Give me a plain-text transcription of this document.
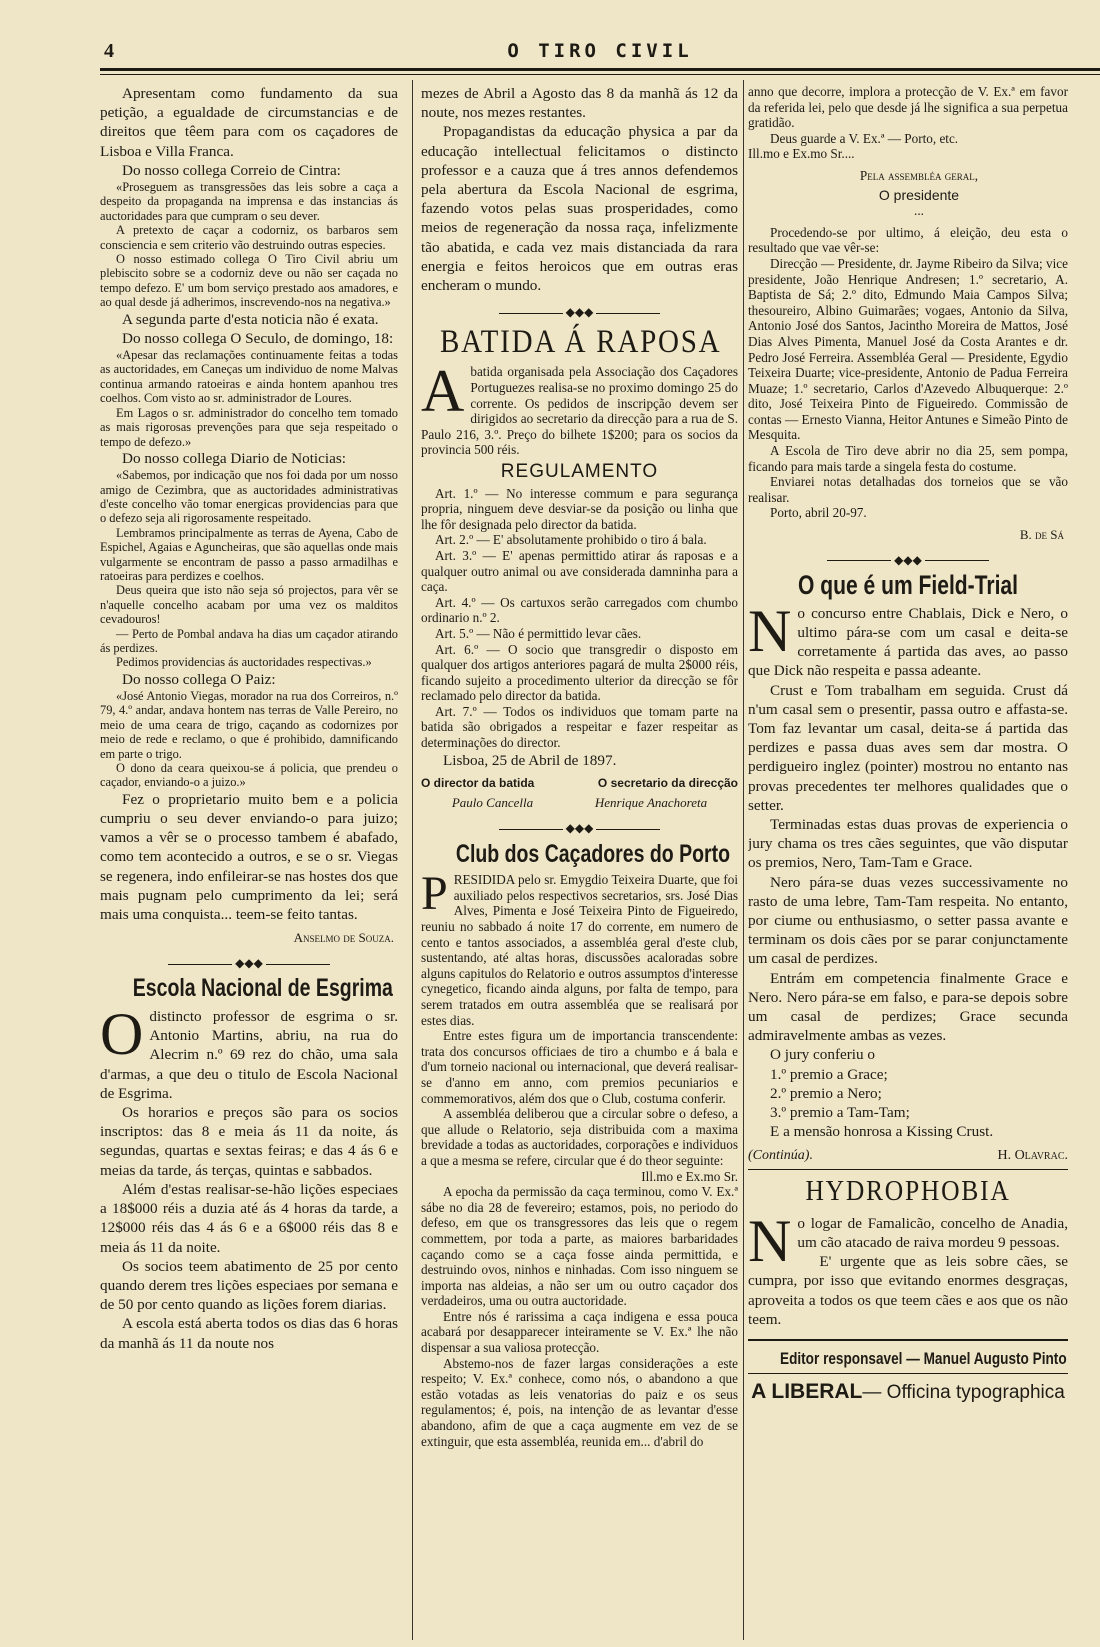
4	O TIRO CIVIL

Apresentam como fundamento da sua petição, a egualdade de circumstancias e de direitos que têem para com os caçadores de Lisboa e Villa Franca.

Do nosso collega Correio de Cintra:

«Proseguem as transgressões das leis sobre a caça a despeito da propaganda na imprensa e das instancias ás auctoridades para que cumpram o seu dever.

A pretexto de caçar a codorniz, os barbaros sem consciencia e sem criterio vão destruindo outras especies.

O nosso estimado collega O Tiro Civil abriu um plebiscito sobre se a codorniz deve ou não ser caçada no tempo defezo. E' um bom serviço prestado aos amadores, e ao qual desde já adherimos, inscrevendo-nos na negativa.»

A segunda parte d'esta noticia não é exata.

Do nosso collega O Seculo, de domingo, 18:

«Apesar das reclamações continuamente feitas a todas as auctoridades, em Caneças um individuo de nome Malvas continua armando ratoeiras e ainda hontem apanhou tres coelhos. Com visto ao sr. administrador de Loures.

Em Lagos o sr. administrador do concelho tem tomado as mais rigorosas prevenções para que seja respeitado o tempo de defezo.»

Do nosso collega Diario de Noticias:

«Sabemos, por indicação que nos foi dada por um nosso amigo de Cezimbra, que as auctoridades administrativas d'este concelho vão tomar energicas providencias para que o defezo seja ali rigorosamente respeitado.

Lembramos principalmente as terras de Ayena, Cabo de Espichel, Agaias e Aguncheiras, que são aquellas onde mais vulgarmente se encontram de passo a passo armadilhas e ratoeiras para perdizes e coelhos.

Deus queira que isto não seja só projectos, para vêr se n'aquelle concelho acabam por uma vez os malditos cevadouros!

— Perto de Pombal andava ha dias um caçador atirando ás perdizes.

Pedimos providencias ás auctoridades respectivas.»

Do nosso collega O Paiz:

«José Antonio Viegas, morador na rua dos Correiros, n.º 79, 4.º andar, andava hontem nas terras de Valle Pereiro, no meio de uma ceara de trigo, caçando as codornizes por meio de rede e reclamo, o que é prohibido, damnificando em parte o trigo.

O dono da ceara queixou-se á policia, que prendeu o caçador, enviando-o a juizo.»

Fez o proprietario muito bem e a policia cumpriu o seu dever enviando-o para juizo; vamos a vêr se o processo tambem é abafado, como tem acontecido a outros, e se o sr. Viegas se regenera, indo enfileirar-se nas hostes dos que mais pugnam pelo cumprimento da lei; será mais uma conquista... teem-se feito tantas.

Anselmo de Souza.
◆◆◆
Escola Nacional de Esgrima

Odistincto professor de esgrima o sr. Antonio Martins, abriu, na rua do Alecrim n.º 69 rez do chão, uma sala d'armas, a que deu o titulo de Escola Nacional de Esgrima.

Os horarios e preços são para os socios inscriptos: das 8 e meia ás 11 da noite, ás segundas, quartas e sextas feiras; e das 4 ás 6 e meias da tarde, ás terças, quintas e sabbados.

Além d'estas realisar-se-hão lições especiaes a 18$000 réis a duzia até ás 4 horas da tarde, a 12$000 réis das 4 ás 6 e a 6$000 réis das 8 e meia ás 11 da noite.

Os socios teem abatimento de 25 por cento quando derem tres lições especiaes por semana e de 50 por cento quando as lições forem diarias.

A escola está aberta todos os dias das 6 horas da manhã ás 11 da noute nos

mezes de Abril a Agosto das 8 da manhã ás 12 da noute, nos mezes restantes.

Propagandistas da educação physica a par da educação intellectual felicitamos o distincto professor e a cauza que á tres annos defendemos pela abertura da Escola Nacional de esgrima, fazendo votos pelas suas prosperidades, como meios de regeneração da nossa raça, infelizmente tão abatida, e cada vez mais distanciada da rara energia e feitos heroicos que em outras eras encheram o mundo.

◆◆◆
BATIDA Á RAPOSA

Abatida organisada pela Associação dos Caçadores Portuguezes realisa-se no proximo domingo 25 do corrente. Os pedidos de inscripção devem ser dirigidos ao secretario da direcção para a rua de S. Paulo 216, 3.º. Preço do bilhete 1$200; para os socios da provincia 500 réis.

REGULAMENTO

Art. 1.º — No interesse commum e para segurança propria, ninguem deve desviar-se da posição ou linha que lhe fôr designada pelo director da batida.

Art. 2.º — E' absolutamente prohibido o tiro á bala.

Art. 3.º — E' apenas permittido atirar ás raposas e a qualquer outro animal ou ave considerada damninha para a caça.

Art. 4.º — Os cartuxos serão carregados com chumbo ordinario n.º 2.

Art. 5.º — Não é permittido levar cães.

Art. 6.º — O socio que transgredir o disposto em qualquer dos artigos anteriores pagará de multa 2$000 réis, ficando sujeito a procedimento ulterior da direcção se fôr reclamado pelo director da batida.

Art. 7.º — Todos os individuos que tomam parte na batida são obrigados a respeitar e fazer respeitar as determinações do director.

Lisboa, 25 de Abril de 1897.

O director da batida	O secretario da direcção
Paulo Cancella	Henrique Anachoreta
◆◆◆
Club dos Caçadores do Porto

PRESIDIDA pelo sr. Emygdio Teixeira Duarte, que foi auxiliado pelos respectivos secretarios, srs. José Dias Alves, Pimenta e José Teixeira Pinto de Figueiredo, reuniu no sabbado á noite 17 do corrente, em numero de cento e tantos associados, a assembléa geral d'este club, sustentando, até altas horas, discussões acaloradas sobre alguns capitulos do Relatorio e outros assumptos d'interesse cynegetico, ficando ainda alguns, por falta de tempo, para serem tratados em outra assembléa que se realisará por estes dias.

Entre estes figura um de importancia transcendente: trata dos concursos officiaes de tiro a chumbo e á bala e d'um torneio nacional ou internacional, que deverá realisar-se d'anno em anno, com premios pecuniarios e commemorativos, além dos que o Club, costuma conferir.

A assembléa deliberou que a circular sobre o defeso, a que allude o Relatorio, seja distribuida com a maxima brevidade a todas as auctoridades, corporações e individuos a que a mesma se refere, circular que é do theor seguinte:

Ill.mo e Ex.mo Sr.

A epocha da permissão da caça terminou, como V. Ex.ª sábe no dia 28 de fevereiro; estamos, pois, no periodo do defeso, em que os transgressores das leis que o regem commettem, por toda a parte, as maiores barbaridades caçando como se a caça fosse ainda permittida, e destruindo ovos, ninhos e ninhadas. Com isso ninguem se importa nas aldeias, a não ser um ou outro caçador dos verdadeiros, uma ou outra auctoridade.

Entre nós é rarissima a caça indigena e essa pouca acabará por desapparecer inteiramente se V. Ex.ª lhe não dispensar a sua valiosa protecção.

Abstemo-nos de fazer largas considerações a este respeito; V. Ex.ª conhece, como nós, o abandono a que estão votadas as leis venatorias do paiz e os seus regulamentos; é, pois, na intenção de as levantar d'esse abandono, afim de que a caça augmente em vez de se extinguir, que esta assembléa, reunida em... d'abril do

anno que decorre, implora a protecção de V. Ex.ª em favor da referida lei, pelo que desde já lhe significa a sua perpetua gratidão.

Deus guarde a V. Ex.ª — Porto, etc.

Ill.mo e Ex.mo Sr....

Pela assembléa geral,

O presidente

...

Procedendo-se por ultimo, á eleição, deu esta o resultado que vae vêr-se:

Direcção — Presidente, dr. Jayme Ribeiro da Silva; vice presidente, João Henrique Andresen; 1.º secretario, A. Baptista de Sá; 2.º dito, Edmundo Maia Campos Silva; thesoureiro, Albino Guimarães; vogaes, Antonio da Silva, Antonio José dos Santos, Jacintho Moreira de Mattos, José Dias Alves Pimenta, Manuel José da Costa Arantes e dr. Pedro José Ferreira. Assembléa Geral — Presidente, Egydio Teixeira Duarte; vice-presidente, Antonio de Padua Ferreira Muaze; 1.º secretario, Carlos d'Azevedo Albuquerque: 2.º dito, José Teixeira Pinto de Figueiredo. Commissão de contas — Ernesto Vianna, Heitor Antunes e Simeão Pinto de Mesquita.

A Escola de Tiro deve abrir no dia 25, sem pompa, ficando para mais tarde a singela festa do costume.

Enviarei notas detalhadas dos torneios que se vão realisar.

Porto, abril 20-97.

B. de Sá
◆◆◆
O que é um Field-Trial

No concurso entre Chablais, Dick e Nero, o ultimo pára-se com um casal e deita-se corretamente á partida das aves, ao passo que Dick não respeita e passa adeante.

Crust e Tom trabalham em seguida. Crust dá n'um casal sem o presentir, passa outro e affasta-se. Tom faz levantar um casal, deita-se á partida das perdizes e passa duas aves sem dar mostra. O perdigueiro inglez (pointer) mostrou no entanto nas provas precedentes ter melhores qualidades que o setter.

Terminadas estas duas provas de experiencia o jury chama os tres cães seguintes, que vão disputar os premios, Nero, Tam-Tam e Grace.

Nero pára-se duas vezes successivamente no rasto de uma lebre, Tam-Tam respeita. No entanto, por ciume ou enthusiasmo, o setter passa avante e terminam os dois cães por se parar conjunctamente um casal de perdizes.

Entrám em competencia finalmente Grace e Nero. Nero pára-se em falso, e para-se depois sobre um casal de perdizes; Grace secunda admiravelmente ambas as vezes.

O jury conferiu o

1.º premio a Grace;

2.º premio a Nero;

3.º premio a Tam-Tam;

E a mensão honrosa a Kissing Crust.

(Continúa).	H. Olavrac.
HYDROPHOBIA

No logar de Famalicão, concelho de Anadia, um cão atacado de raiva mordeu 9 pessoas.

E' urgente que as leis sobre cães, se cumpra, por isso que evitando enormes desgraças, aproveita a todos os que teem cães e aos que os não teem.

Editor responsavel — Manuel Augusto Pinto
A LIBERAL— Officina typographica
